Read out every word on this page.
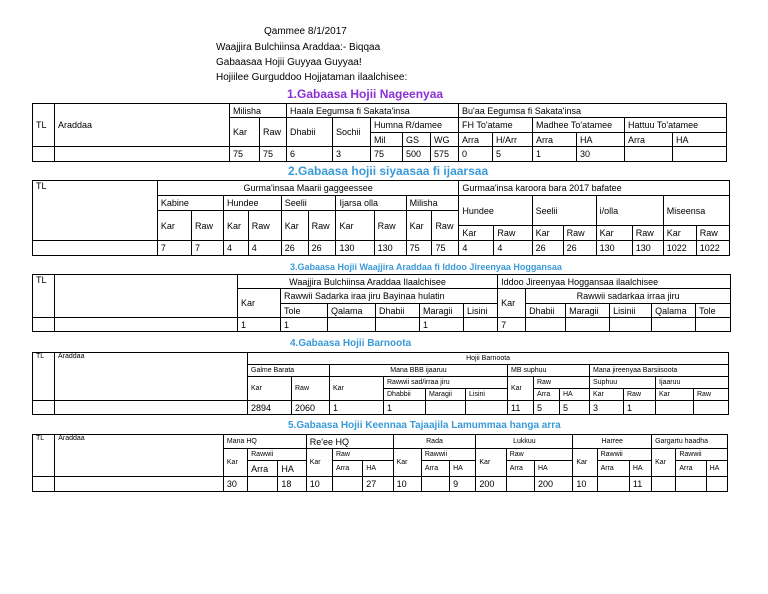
Qammee 8/1/2017
Waajjira Bulchiinsa Araddaa:- Biqqaa
Gabaasaa Hojii Guyyaa Guyyaa!
Hojiilee Gurguddoo Hojjataman ilaalchisee:
1.Gabaasa Hojii Nageenyaa
TL	Araddaa	Milisha		Haala Eegumsa fi Sakata'insa					Bu'aa Eegumsa fi Sakata'insa					
		Kar	Raw	Dhabii	Sochii	Humna R/damee			FH To'atame		Madhee To'atamee		Hattuu To'atamee	
						Mil	GS	WG	Arra	H/Arr	Arra	HA	Arra	HA
		75	75	6	3	75	500	575	0	5	1	30		
2.Gabaasa hojii siyaasaa fi ijaarsaa
TL	Gurma'insaa Maarii gaggeessee										Gurmaa'insa karoora bara 2017 bafatee							
	Kabine		Hundee		Seelii		Ijarsa olla		Milisha		Hundee		Seelii		i/olla		Miseensa	
	Kar	Raw	Kar	Raw	Kar	Raw	Kar	Raw	Kar	Raw								
											Kar	Raw	Kar	Raw	Kar	Raw	Kar	Raw
	7	7	4	4	26	26	130	130	75	75	4	4	26	26	130	130	1022	1022
3.Gabaasa Hojii Waajjira Araddaa fi Iddoo Jireenyaa Hoggansaa
TL		Waajjira Bulchiinsa Araddaa Ilaalchisee						Iddoo Jireenyaa Hoggansaa ilaalchisee					
		Kar	Rawwii Sadarka iraa jiru Bayinaa hulatin					Kar	Rawwii sadarkaa irraa jiru				
			Tole	Qalama	Dhabii	Maragii	Lisini		Dhabii	Maragii	Lisinii	Qalama	Tole
		1	1			1		7					
4.Gabaasa Hojii Barnoota
TL	Araddaa	Hojii Barnoota												
		Galme Barata		Mana BBB ijaaruu				MB suphuu			Mana jireenyaa Barsiisoota			
		Kar	Raw	Kar	Rawwii sad/irraa jiru			Kar	Raw		Suphuu		Ijaaruu	
					Dhabbii	Maragii	Lisini		Arra	HA	Kar	Raw	Kar	Raw
		2894	2060	1	1			11	5	5	3	1		
5.Gabaasa Hojii Keennaa Tajaajila Lamummaa hanga arra
TL	Araddaa	Mana HQ			Re'ee HQ			Rada			Lukkuu			Harree			Gargartu haadha		
		Kar	Rawwii		Kar	Raw		Kar	Rawwii		Kar	Raw		Kar	Rawwii		Kar	Rawwii	
			Arra	HA		Arra	HA		Arra	HA		Arra	HA		Arra	HA		Arra	HA
		30		18	10		27	10		9	200		200	10		11			
